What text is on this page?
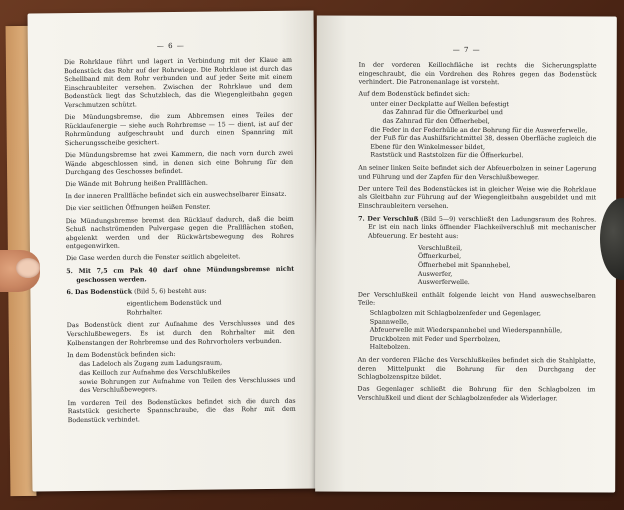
— 6 —

Die Rohrklaue führt und lagert in Verbindung mit der Klaue am Bodenstück das Rohr auf der Rohrwiege. Die Rohrklaue ist durch das Schellband mit dem Rohr verbunden und auf jeder Seite mit einem Einschraubleiter versehen. Zwischen der Rohrklaue und dem Bodenstück liegt das Schutzblech, das die Wiegengleitbahn gegen Verschmutzen schützt.

Die Mündungsbremse, die zum Abbremsen eines Teiles der Rücklaufenergie — siehe auch Rohrbremse — 15 — dient, ist auf der Rohrmündung aufgeschraubt und durch einen Spannring mit Sicherungsscheibe gesichert.

Die Mündungsbremse hat zwei Kammern, die nach vorn durch zwei Wände abgeschlossen sind, in denen sich eine Bohrung für den Durchgang des Geschosses befindet.

Die Wände mit Bohrung heißen Prallflächen.

In der inneren Prallfläche befindet sich ein auswechselbarer Einsatz.

Die vier seitlichen Öffnungen heißen Fenster.

Die Mündungsbremse bremst den Rücklauf dadurch, daß die beim Schuß nachströmenden Pulvergase gegen die Prallflächen stoßen, abgelenkt werden und der Rückwärtsbewegung des Rohres entgegenwirken.

Die Gase werden durch die Fenster seitlich abgeleitet.

5. Mit 7,5 cm Pak 40 darf ohne Mündungsbremse nicht geschossen werden.

6. Das Bodenstück (Bild 5, 6) besteht aus:

eigentlichem Bodenstück und

Rohrhalter.

Das Bodenstück dient zur Aufnahme des Verschlusses und des Verschlußbewegers. Es ist durch den Rohrhalter mit den Kolbenstangen der Rohrbremse und des Rohrvorholers verbunden.

In dem Bodenstück befinden sich:

das Ladeloch als Zugang zum Ladungsraum,

das Keilloch zur Aufnahme des Verschlußkeiles

sowie Bohrungen zur Aufnahme von Teilen des Verschlusses und des Verschlußbewegers.

Im vorderen Teil des Bodenstückes befindet sich die durch das Raststück gesicherte Spannschraube, die das Rohr mit dem Bodenstück verbindet.

— 7 —

In der vorderen Keillochfläche ist rechts die Sicherungsplatte eingeschraubt, die ein Vordrehen des Rohres gegen das Bodenstück verhindert. Die Patronenanlage ist vorsteht.

Auf dem Bodenstück befindet sich:

unter einer Deckplatte auf Wellen befestigt

das Zahnrad für die Öffnerkurbel und

das Zahnrad für den Öffnerhebel,

die Feder in der Federhülle an der Bohrung für die Auswerferwelle,

der Fuß für das Aushilfsrichtmittel 38, dessen Oberfläche zugleich die Ebene für den Winkelmesser bildet,

Raststück und Raststolzen für die Öffnerkurbel.

An seiner linken Seite befindet sich der Abfeuerbolzen in seiner Lagerung und Führung und der Zapfen für den Verschlußbeweger.

Der untere Teil des Bodenstückes ist in gleicher Weise wie die Rohrklaue als Gleitbahn zur Führung auf der Wiegengleitbahn ausgebildet und mit Einschraubleitern versehen.

7. Der Verschluß (Bild 5—9) verschließt den Ladungsraum des Rohres. Er ist ein nach links öffnender Flachkeilverschluß mit mechanischer Abfeuerung. Er besteht aus:

Verschlußteil,

Öffnerkurbel,

Öffnerhebel mit Spannhebel,

Auswerfer,

Auswerferwelle.

Der Verschlußkeil enthält folgende leicht von Hand auswechselbaren Teile:

Schlagbolzen mit Schlagbolzenfeder und Gegenlager,

Spannwelle,

Abfeuerwelle mit Wiederspannhebel und Wiederspannhülle,

Druckbolzen mit Feder und Sperrbolzen,

Haltebolzen.

An der vorderen Fläche des Verschlußkeiles befindet sich die Stahlplatte, deren Mittelpunkt die Bohrung für den Durchgang der Schlagbolzenspitze bildet.

Das Gegenlager schließt die Bohrung für den Schlagbolzen im Verschlußkeil und dient der Schlagbolzenfeder als Widerlager.
